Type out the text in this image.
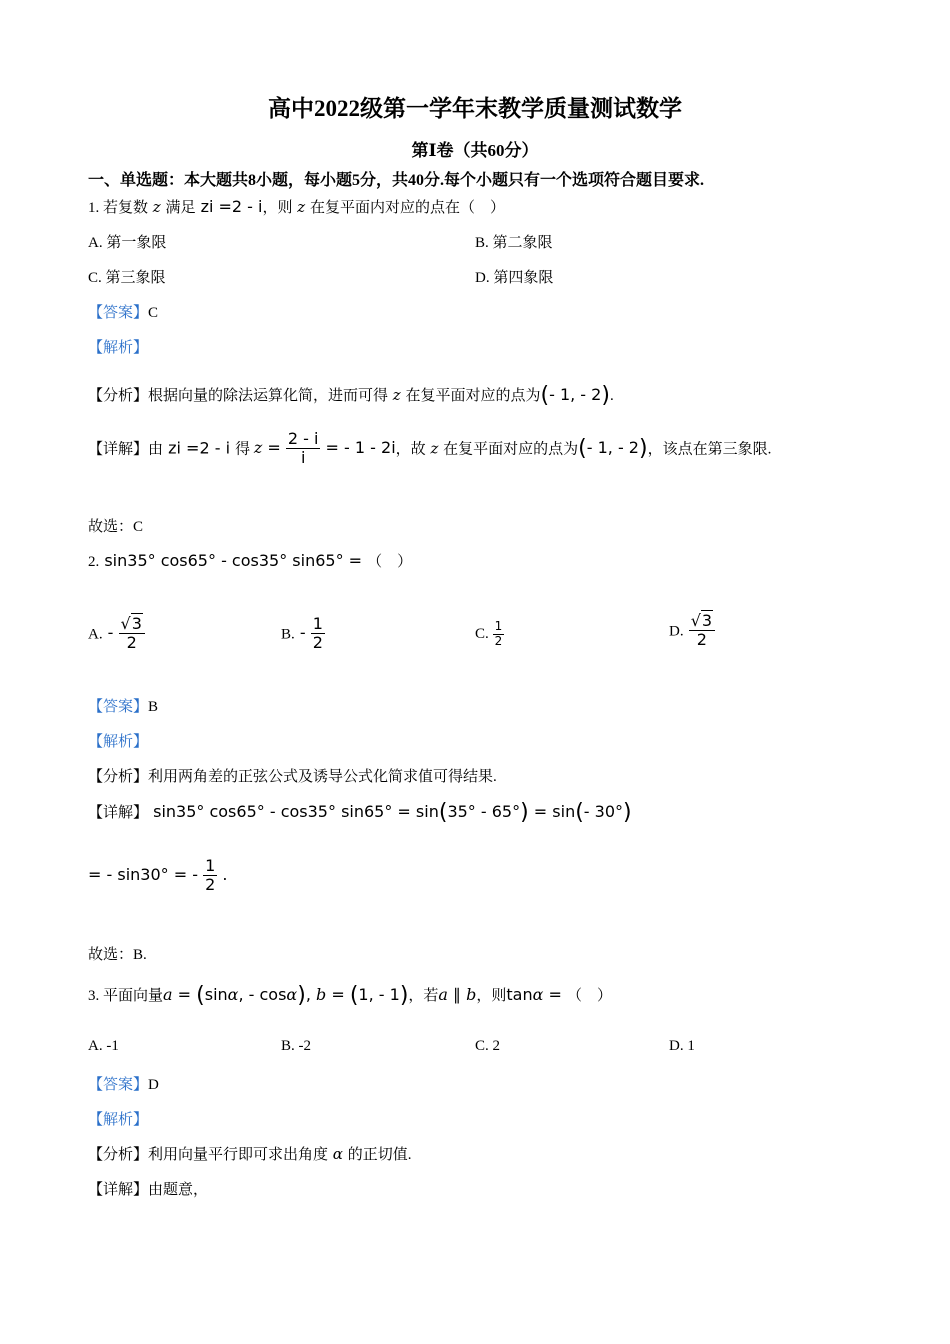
高中2022级第一学年末教学质量测试数学
第Ⅰ卷（共60分）
一、单选题：本大题共8小题，每小题5分，共40分.每个小题只有一个选项符合题目要求.
1. 若复数 z 满足 zi =2 - i，则 z 在复平面内对应的点在（　）
A. 第一象限	B. 第二象限
C. 第三象限	D. 第四象限
【答案】C
【解析】
【分析】根据向量的除法运算化简，进而可得 z 在复平面对应的点为(- 1, - 2).
【详解】由 zi =2 - i 得 $z = \frac{2 - i}{i}$ = - 1 - 2i，故 z 在复平面对应的点为(- 1, - 2)，该点在第三象限.
故选：C
2. sin35° cos65° - cos35° sin65° = （　）
A. - $\frac{√3}{2}$	B. - $\frac{1}{2}$	C. $\frac{1}{2}$	D. $\frac{√3}{2}$
【答案】B
【解析】
【分析】利用两角差的正弦公式及诱导公式化简求值可得结果.
【详解】 sin35° cos65° - cos35° sin65° = sin(35° - 65°) = sin(- 30°)
= - sin30° = - $\frac{1}{2}$ .
故选：B.
3. 平面向量a = (sinα, - cosα), b = (1, - 1)，若a ∥ b，则tanα = （　）
A. -1	B. -2	C. 2	D. 1
【答案】D
【解析】
【分析】利用向量平行即可求出角度 α 的正切值.
【详解】由题意，
